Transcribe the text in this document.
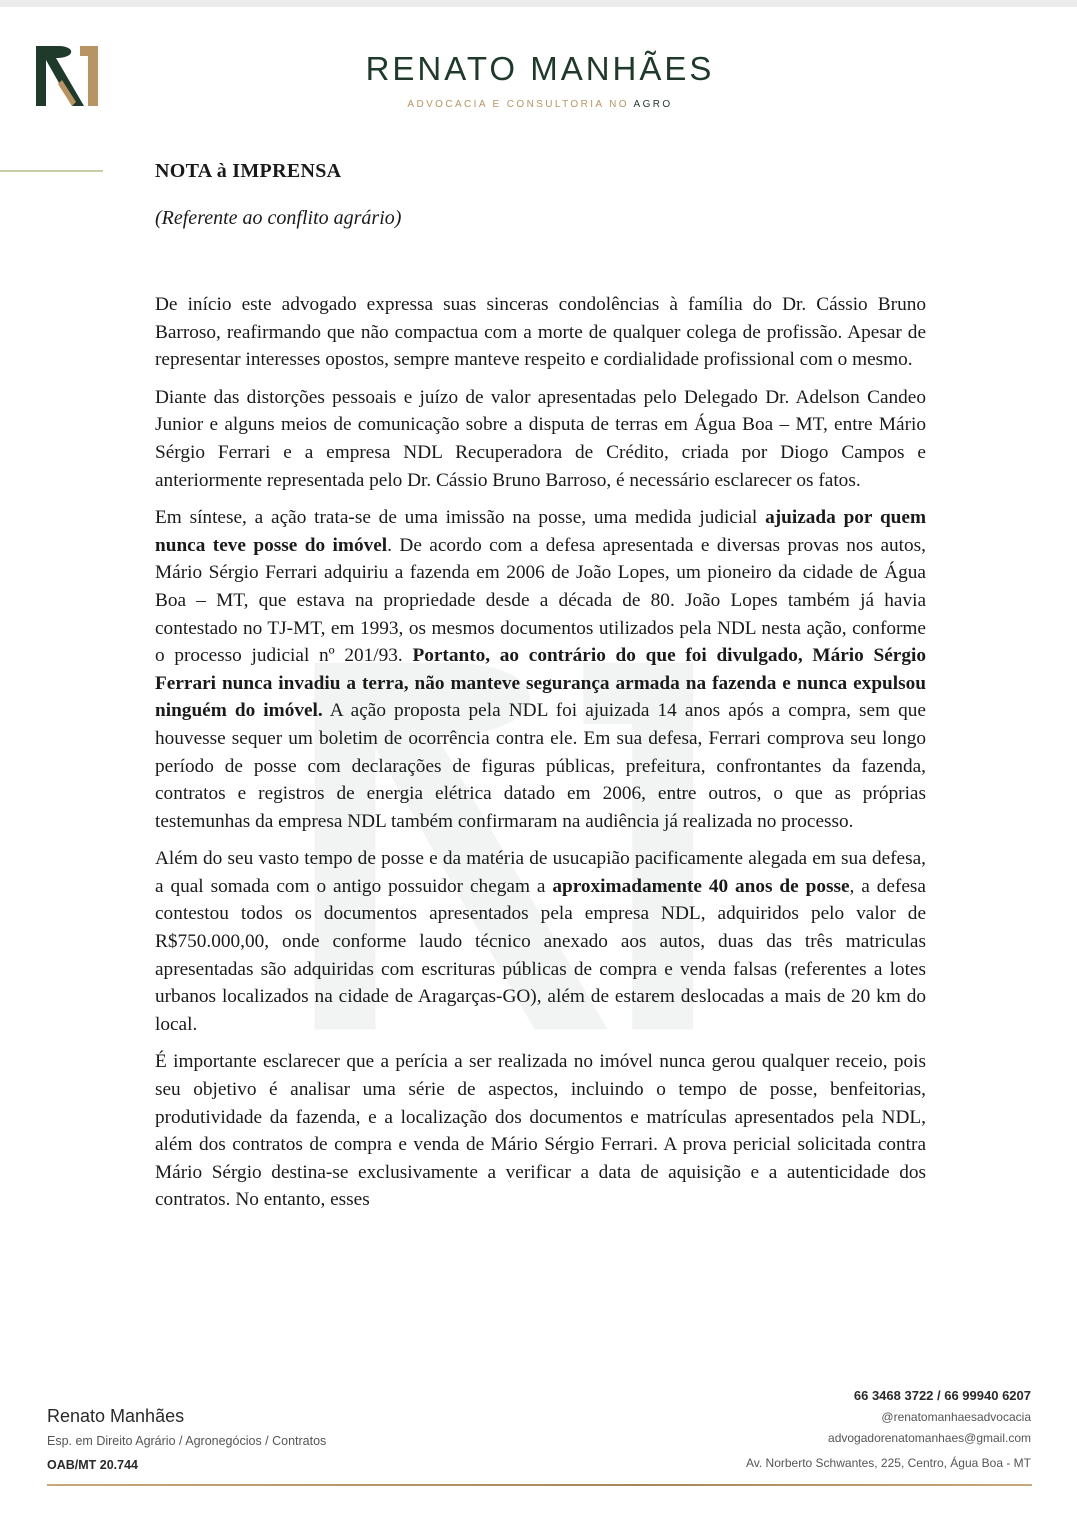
RENATO MANHÃES
ADVOCACIA E CONSULTORIA NO AGRO
NOTA à IMPRENSA
(Referente ao conflito agrário)

De início este advogado expressa suas sinceras condolências à família do Dr. Cássio Bruno Barroso, reafirmando que não compactua com a morte de qualquer colega de profissão. Apesar de representar interesses opostos, sempre manteve respeito e cordialidade profissional com o mesmo.

Diante das distorções pessoais e juízo de valor apresentadas pelo Delegado Dr. Adelson Candeo Junior e alguns meios de comunicação sobre a disputa de terras em Água Boa – MT, entre Mário Sérgio Ferrari e a empresa NDL Recuperadora de Crédito, criada por Diogo Campos e anteriormente representada pelo Dr. Cássio Bruno Barroso, é necessário esclarecer os fatos.

Em síntese, a ação trata-se de uma imissão na posse, uma medida judicial ajuizada por quem nunca teve posse do imóvel. De acordo com a defesa apresentada e diversas provas nos autos, Mário Sérgio Ferrari adquiriu a fazenda em 2006 de João Lopes, um pioneiro da cidade de Água Boa – MT, que estava na propriedade desde a década de 80. João Lopes também já havia contestado no TJ-MT, em 1993, os mesmos documentos utilizados pela NDL nesta ação, conforme o processo judicial nº 201/93. Portanto, ao contrário do que foi divulgado, Mário Sérgio Ferrari nunca invadiu a terra, não manteve segurança armada na fazenda e nunca expulsou ninguém do imóvel. A ação proposta pela NDL foi ajuizada 14 anos após a compra, sem que houvesse sequer um boletim de ocorrência contra ele. Em sua defesa, Ferrari comprova seu longo período de posse com declarações de figuras públicas, prefeitura, confrontantes da fazenda, contratos e registros de energia elétrica datado em 2006, entre outros, o que as próprias testemunhas da empresa NDL também confirmaram na audiência já realizada no processo.

Além do seu vasto tempo de posse e da matéria de usucapião pacificamente alegada em sua defesa, a qual somada com o antigo possuidor chegam a aproximadamente 40 anos de posse, a defesa contestou todos os documentos apresentados pela empresa NDL, adquiridos pelo valor de R$750.000,00, onde conforme laudo técnico anexado aos autos, duas das três matriculas apresentadas são adquiridas com escrituras públicas de compra e venda falsas (referentes a lotes urbanos localizados na cidade de Aragarças-GO), além de estarem deslocadas a mais de 20 km do local.

É importante esclarecer que a perícia a ser realizada no imóvel nunca gerou qualquer receio, pois seu objetivo é analisar uma série de aspectos, incluindo o tempo de posse, benfeitorias, produtividade da fazenda, e a localização dos documentos e matrículas apresentados pela NDL, além dos contratos de compra e venda de Mário Sérgio Ferrari. A prova pericial solicitada contra Mário Sérgio destina-se exclusivamente a verificar a data de aquisição e a autenticidade dos contratos. No entanto, esses

Renato Manhães
Esp. em Direito Agrário / Agronegócios / Contratos
OAB/MT 20.744
66 3468 3722 / 66 99940 6207
@renatomanhaesadvocacia
advogadorenatomanhaes@gmail.com
Av. Norberto Schwantes, 225, Centro, Água Boa - MT
